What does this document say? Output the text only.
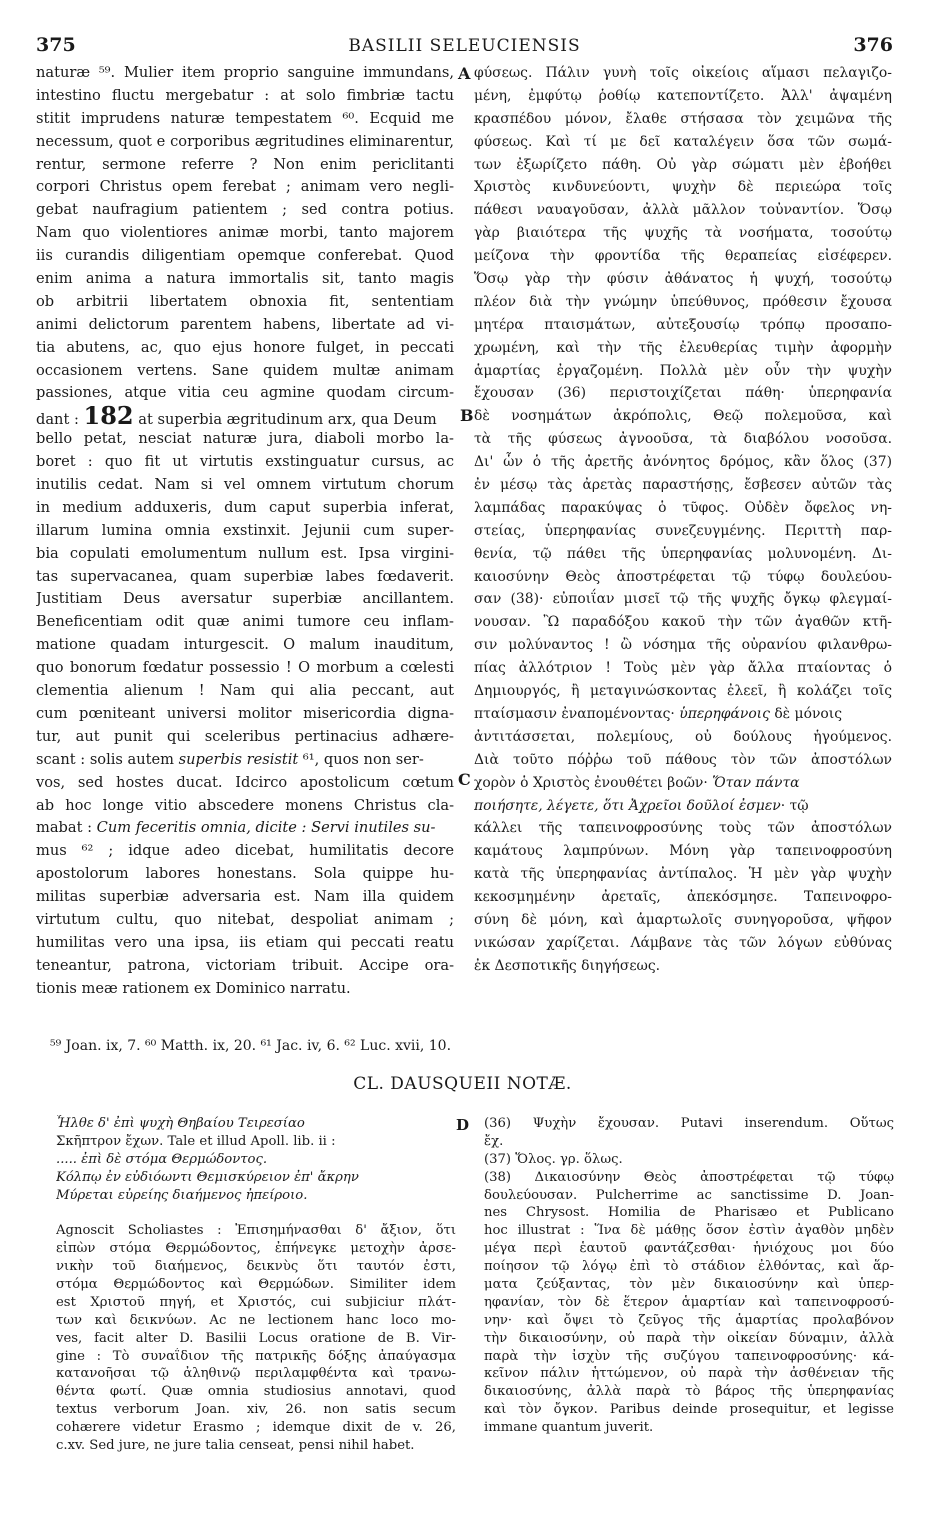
375	BASILII SELEUCIENSIS	376
naturæ ⁵⁹. Mulier item proprio sanguine immundans,
intestino fluctu mergebatur : at solo fimbriæ tactu
stitit imprudens naturæ tempestatem ⁶⁰. Ecquid me
necessum, quot e corporibus ægritudines eliminarentur,
rentur, sermone referre ? Non enim periclitanti
corpori Christus opem ferebat ; animam vero negli-
gebat naufragium patientem ; sed contra potius.
Nam quo violentiores animæ morbi, tanto majorem
iis curandis diligentiam opemque conferebat. Quod
enim anima a natura immortalis sit, tanto magis
ob arbitrii libertatem obnoxia fit, sententiam
animi delictorum parentem habens, libertate ad vi-
tia abutens, ac, quo ejus honore fulget, in peccati
occasionem vertens. Sane quidem multæ animam
passiones, atque vitia ceu agmine quodam circum-
dant : 182 at superbia ægritudinum arx, qua Deum
bello petat, nesciat naturæ jura, diaboli morbo la-
boret : quo fit ut virtutis exstinguatur cursus, ac
inutilis cedat. Nam si vel omnem virtutum chorum
in medium adduxeris, dum caput superbia inferat,
illarum lumina omnia exstinxit. Jejunii cum super-
bia copulati emolumentum nullum est. Ipsa virgini-
tas supervacanea, quam superbiæ labes fœdaverit.
Justitiam Deus aversatur superbiæ ancillantem.
Beneficentiam odit quæ animi tumore ceu inflam-
matione quadam inturgescit. O malum inauditum,
quo bonorum fœdatur possessio ! O morbum a cœlesti
clementia alienum ! Nam qui alia peccant, aut
cum pœniteant universi molitor misericordia digna-
tur, aut punit qui sceleribus pertinacius adhære-
scant : solis autem superbis resistit ⁶¹, quos non ser-
vos, sed hostes ducat. Idcirco apostolicum cœtum
ab hoc longe vitio abscedere monens Christus cla-
mabat : Cum feceritis omnia, dicite : Servi inutiles su-
mus ⁶² ; idque adeo dicebat, humilitatis decore
apostolorum labores honestans. Sola quippe hu-
militas superbiæ adversaria est. Nam illa quidem
virtutum cultu, quo nitebat, despoliat animam ;
humilitas vero una ipsa, iis etiam qui peccati reatu
teneantur, patrona, victoriam tribuit. Accipe ora-
tionis meæ rationem ex Dominico narratu.
A
B
C
φύσεως. Πάλιν γυνὴ τοῖς οἰκείοις αἵμασι πελαγιζο-
μένη, ἐμφύτῳ ῥοθίῳ κατεποντίζετο. Ἀλλ' ἀψαμένη
κρασπέδου μόνον, ἔλαθε στήσασα τὸν χειμῶνα τῆς
φύσεως. Καὶ τί με δεῖ καταλέγειν ὅσα τῶν σωμά-
των ἐξωρίζετο πάθη. Οὐ γὰρ σώματι μὲν ἐβοήθει
Χριστὸς κινδυνεύοντι, ψυχὴν δὲ περιεώρα τοῖς
πάθεσι ναυαγοῦσαν, ἀλλὰ μᾶλλον τοὐναντίον. Ὅσῳ
γὰρ βιαιότερα τῆς ψυχῆς τὰ νοσήματα, τοσούτῳ
μείζονα τὴν φροντίδα τῆς θεραπείας εἰσέφερεν.
Ὅσῳ γὰρ τὴν φύσιν ἀθάνατος ἡ ψυχή, τοσούτῳ
πλέον διὰ τὴν γνώμην ὑπεύθυνος, πρόθεσιν ἔχουσα
μητέρα πταισμάτων, αὐτεξουσίῳ τρόπῳ προσαπο-
χρωμένη, καὶ τὴν τῆς ἐλευθερίας τιμὴν ἀφορμὴν
ἁμαρτίας ἐργαζομένη. Πολλὰ μὲν οὖν τὴν ψυχὴν
ἔχουσαν (36) περιστοιχίζεται πάθη· ὑπερηφανία
δὲ νοσημάτων ἀκρόπολις, Θεῷ πολεμοῦσα, καὶ
τὰ τῆς φύσεως ἀγνοοῦσα, τὰ διαβόλου νοσοῦσα.
Δι' ὧν ὁ τῆς ἀρετῆς ἀνόνητος δρόμος, κἂν ὅλος (37)
ἐν μέσῳ τὰς ἀρετὰς παραστήσῃς, ἔσβεσεν αὐτῶν τὰς
λαμπάδας παρακύψας ὁ τῦφος. Οὐδὲν ὄφελος νη-
στείας, ὑπερηφανίας συνεζευγμένης. Περιττὴ παρ-
θενία, τῷ πάθει τῆς ὑπερηφανίας μολυνομένη. Δι-
καιοσύνην Θεὸς ἀποστρέφεται τῷ τύφῳ δουλεύου-
σαν (38)· εὐποιΐαν μισεῖ τῷ τῆς ψυχῆς ὄγκῳ φλεγμαί-
νουσαν. Ὢ παραδόξου κακοῦ τὴν τῶν ἀγαθῶν κτῆ-
σιν μολύναντος ! ὢ νόσημα τῆς οὐρανίου φιλανθρω-
πίας ἀλλότριον ! Τοὺς μὲν γὰρ ἄλλα πταίοντας ὁ
Δημιουργός, ἢ μεταγινώσκοντας ἐλεεῖ, ἢ κολάζει τοῖς
πταίσμασιν ἐναπομένοντας· ὑπερηφάνοις δὲ μόνοις
ἀντιτάσσεται, πολεμίους, οὐ δούλους ἡγούμενος.
Διὰ τοῦτο πόῤῥω τοῦ πάθους τὸν τῶν ἀποστόλων
χορὸν ὁ Χριστὸς ἐνουθέτει βοῶν· Ὅταν πάντα
ποιήσητε, λέγετε, ὅτι Ἀχρεῖοι δοῦλοί ἐσμεν· τῷ
κάλλει τῆς ταπεινοφροσύνης τοὺς τῶν ἀποστόλων
καμάτους λαμπρύνων. Μόνη γὰρ ταπεινοφροσύνη
κατὰ τῆς ὑπερηφανίας ἀντίπαλος. Ἡ μὲν γὰρ ψυχὴν
κεκοσμημένην ἀρεταῖς, ἀπεκόσμησε. Ταπεινοφρο-
σύνη δὲ μόνη, καὶ ἁμαρτωλοῖς συνηγοροῦσα, ψῆφον
νικώσαν χαρίζεται. Λάμβανε τὰς τῶν λόγων εὐθύνας
ἐκ Δεσποτικῆς διηγήσεως.
⁵⁹ Joan. ix, 7. ⁶⁰ Matth. ix, 20. ⁶¹ Jac. iv, 6. ⁶² Luc. xvii, 10.
CL. DAUSQUEII NOTÆ.
D
Ἦλθε δ' ἐπὶ ψυχὴ Θηβαίου Τειρεσίαο
Σκῆπτρον ἔχων. Tale et illud Apoll. lib. ii :
..... ἐπὶ δὲ στόμα Θερμώδοντος.
Κόλπῳ ἐν εὐδιόωντι Θεμισκύρειον ἐπ' ἄκρην
Μύρεται εὐρείης διαήμενος ἠπείροιο.
Agnoscit Scholiastes : Ἐπισημήνασθαι δ' ἄξιον, ὅτι
εἰπὼν στόμα Θερμώδοντος, ἐπήνεγκε μετοχὴν ἀρσε-
νικὴν τοῦ διαήμενος, δεικνὺς ὅτι ταυτόν ἐστι,
στόμα Θερμώδοντος καὶ Θερμώδων. Similiter idem
est Χριστοῦ πηγή, et Χριστός, cui subjiciur πλάτ-
των καὶ δεικνύων. Ac ne lectionem hanc loco mo-
ves, facit alter D. Basilii Locus oratione de B. Vir-
gine : Τὸ συναΐδιον τῆς πατρικῆς δόξης ἀπαύγασμα
κατανοῆσαι τῷ ἀληθινῷ περιλαμφθέντα καὶ τρανω-
θέντα φωτί. Quæ omnia studiosius annotavi, quod
textus verborum Joan. xiv, 26. non satis secum
cohærere videtur Erasmo ; idemque dixit de v. 26,
c.xv. Sed jure, ne jure talia censeat, pensi nihil habet.
(36) Ψυχὴν ἔχουσαν. Putavi inserendum. Οὕτως
ἔχ.
(37) Ὅλος. γρ. ὅλως.
(38) Δικαιοσύνην Θεὸς ἀποστρέφεται τῷ τύφῳ
δουλεύουσαν. Pulcherrime ac sanctissime D. Joan-
nes Chrysost. Homilia de Pharisæo et Publicano
hoc illustrat : Ἵνα δὲ μάθῃς ὅσον ἐστὶν ἀγαθὸν μηδὲν
μέγα περὶ ἑαυτοῦ φαντάζεσθαι· ἡνιόχους μοι δύο
ποίησον τῷ λόγῳ ἐπὶ τὸ στάδιον ἐλθόντας, καὶ ἅρ-
ματα ζεύξαντας, τὸν μὲν δικαιοσύνην καὶ ὑπερ-
ηφανίαν, τὸν δὲ ἕτερον ἁμαρτίαν καὶ ταπεινοφροσύ-
νην· καὶ ὄψει τὸ ζεῦγος τῆς ἁμαρτίας προλαβόνον
τὴν δικαιοσύνην, οὐ παρὰ τὴν οἰκείαν δύναμιν, ἀλλὰ
παρὰ τὴν ἰσχὺν τῆς συζύγου ταπεινοφροσύνης· κά-
κεῖνον πάλιν ἡττώμενον, οὐ παρὰ τὴν ἀσθένειαν τῆς
δικαιοσύνης, ἀλλὰ παρὰ τὸ βάρος τῆς ὑπερηφανίας
καὶ τὸν ὄγκον. Paribus deinde prosequitur, et legisse
immane quantum juverit.
